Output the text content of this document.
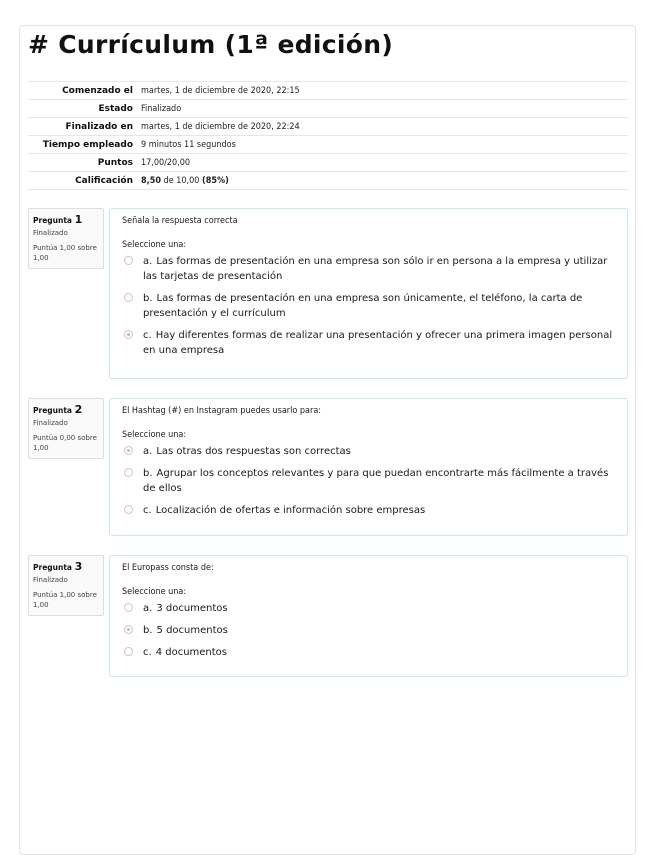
# Currículum (1ª edición)
Comenzado el	martes, 1 de diciembre de 2020, 22:15
Estado	Finalizado
Finalizado en	martes, 1 de diciembre de 2020, 22:24
Tiempo empleado	9 minutos 11 segundos
Puntos	17,00/20,00
Calificación	8,50 de 10,00 (85%)
Pregunta 1
Finalizado
Puntúa 1,00 sobre 1,00
Señala la respuesta correcta
Seleccione una:
a. Las formas de presentación en una empresa son sólo ir en persona a la empresa y utilizar las tarjetas de presentación
b. Las formas de presentación en una empresa son únicamente, el teléfono, la carta de presentación y el currículum
c. Hay diferentes formas de realizar una presentación y ofrecer una primera imagen personal en una empresa
Pregunta 2
Finalizado
Puntúa 0,00 sobre 1,00
El Hashtag (#) en Instagram puedes usarlo para:
Seleccione una:
a. Las otras dos respuestas son correctas
b. Agrupar los conceptos relevantes y para que puedan encontrarte más fácilmente a través de ellos
c. Localización de ofertas e información sobre empresas
Pregunta 3
Finalizado
Puntúa 1,00 sobre 1,00
El Europass consta de:
Seleccione una:
a. 3 documentos
b. 5 documentos
c. 4 documentos
